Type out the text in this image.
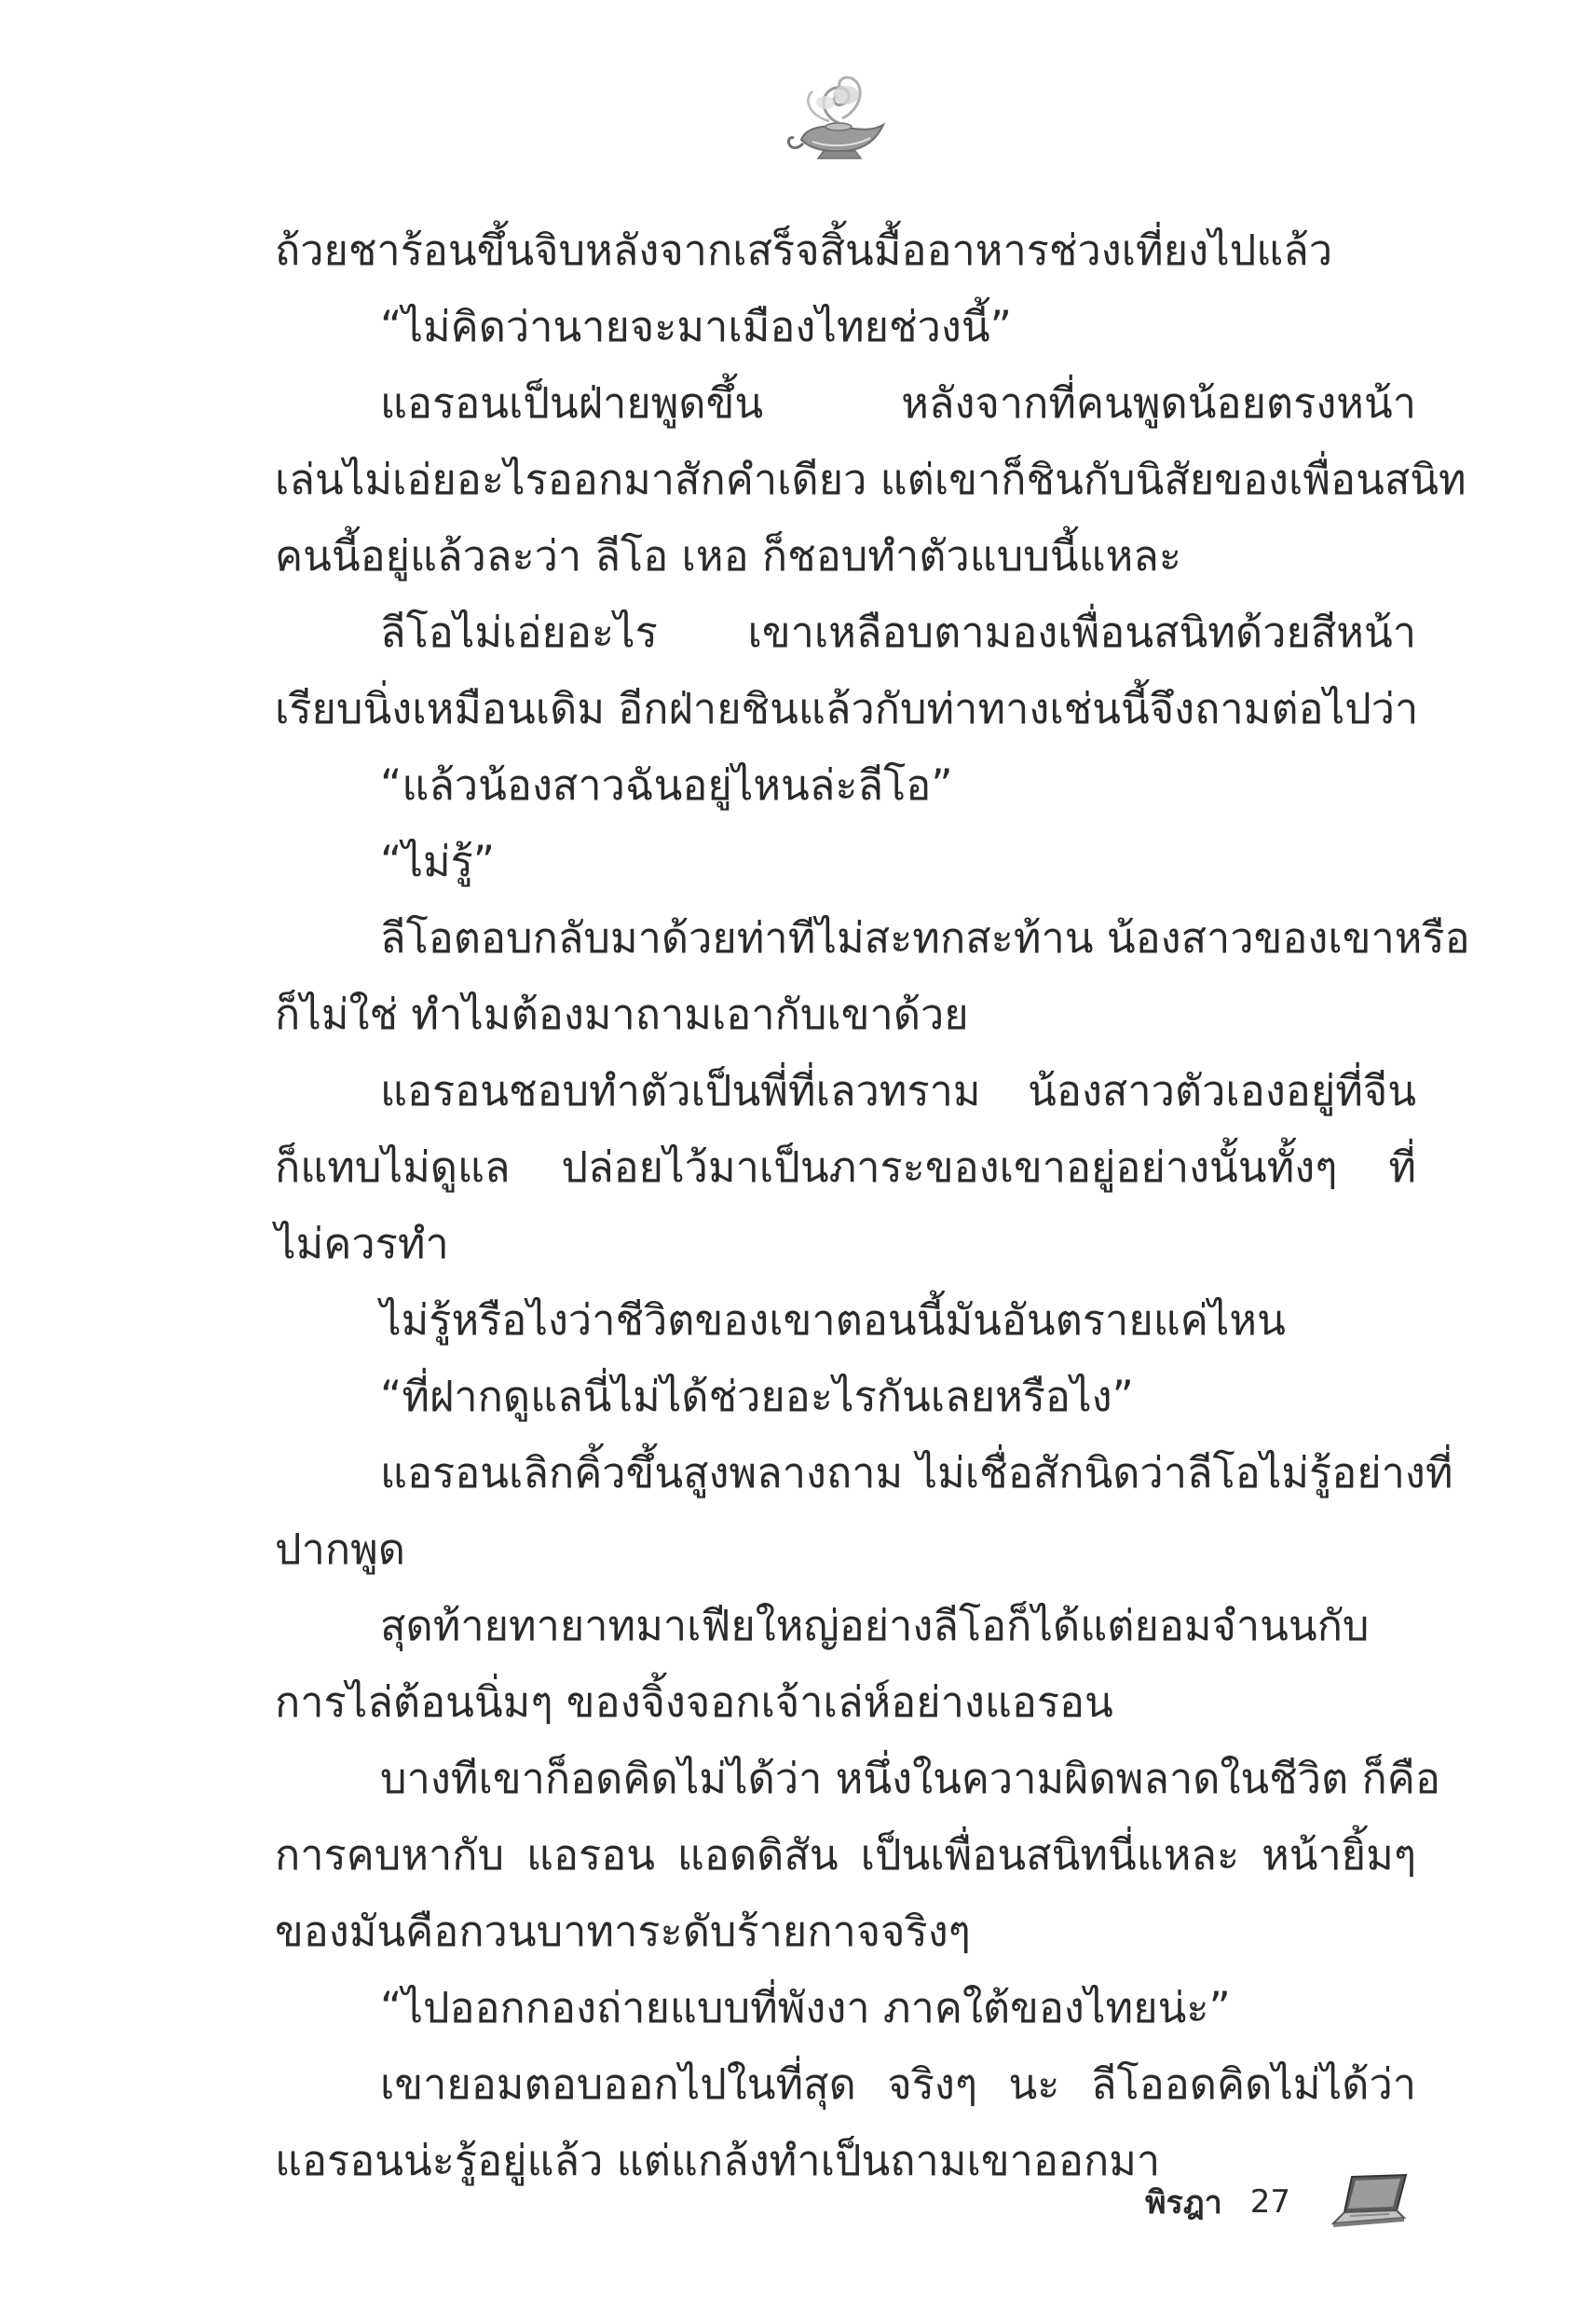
ถ้วยชาร้อนขึ้นจิบหลังจากเสร็จสิ้นมื้ออาหารช่วงเที่ยงไปแล้ว
“ไม่คิดว่านายจะมาเมืองไทยช่วงนี้”
แอรอนเป็นฝ่ายพูดขึ้น หลังจากที่คนพูดน้อยตรงหน้า
เล่นไม่เอ่ยอะไรออกมาสักคำเดียว แต่เขาก็ชินกับนิสัยของเพื่อนสนิท
คนนี้อยู่แล้วละว่า ลีโอ เหอ ก็ชอบทำตัวแบบนี้แหละ
ลีโอไม่เอ่ยอะไร เขาเหลือบตามองเพื่อนสนิทด้วยสีหน้า
เรียบนิ่งเหมือนเดิม อีกฝ่ายชินแล้วกับท่าทางเช่นนี้จึงถามต่อไปว่า
“แล้วน้องสาวฉันอยู่ไหนล่ะลีโอ”
“ไม่รู้”
ลีโอตอบกลับมาด้วยท่าทีไม่สะทกสะท้าน น้องสาวของเขาหรือ
ก็ไม่ใช่ ทำไมต้องมาถามเอากับเขาด้วย
แอรอนชอบทำตัวเป็นพี่ที่เลวทราม น้องสาวตัวเองอยู่ที่จีน
ก็แทบไม่ดูแล ปล่อยไว้มาเป็นภาระของเขาอยู่อย่างนั้นทั้งๆ ที่
ไม่ควรทำ
ไม่รู้หรือไงว่าชีวิตของเขาตอนนี้มันอันตรายแค่ไหน
“ที่ฝากดูแลนี่ไม่ได้ช่วยอะไรกันเลยหรือไง”
แอรอนเลิกคิ้วขึ้นสูงพลางถาม ไม่เชื่อสักนิดว่าลีโอไม่รู้อย่างที่
ปากพูด
สุดท้ายทายาทมาเฟียใหญ่อย่างลีโอก็ได้แต่ยอมจำนนกับ
การไล่ต้อนนิ่มๆ ของจิ้งจอกเจ้าเล่ห์อย่างแอรอน
บางทีเขาก็อดคิดไม่ได้ว่า หนึ่งในความผิดพลาดในชีวิต ก็คือ
การคบหากับ แอรอน แอดดิสัน เป็นเพื่อนสนิทนี่แหละ หน้ายิ้มๆ
ของมันคือกวนบาทาระดับร้ายกาจจริงๆ
“ไปออกกองถ่ายแบบที่พังงา ภาคใต้ของไทยน่ะ”
เขายอมตอบออกไปในที่สุด จริงๆ นะ ลีโออดคิดไม่ได้ว่า
แอรอนน่ะรู้อยู่แล้ว แต่แกล้งทำเป็นถามเขาออกมา
พิรฎา 27
